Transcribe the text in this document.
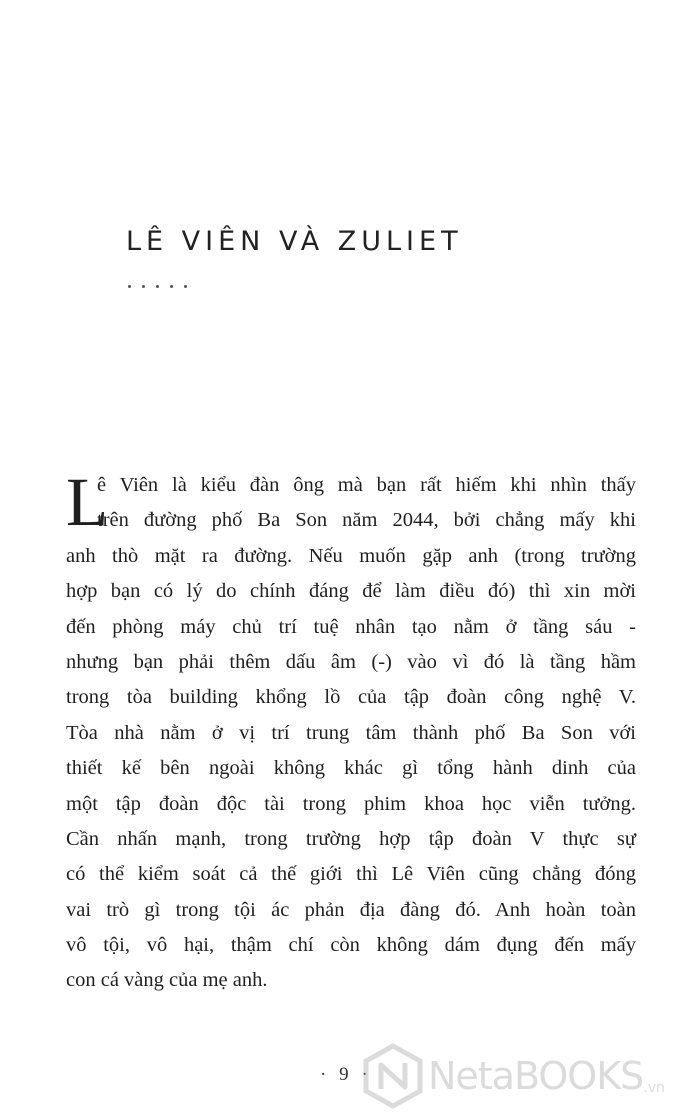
LÊ VIÊN VÀ ZULIET
L
ê Viên là kiểu đàn ông mà bạn rất hiếm khi nhìn thấy
trên đường phố Ba Son năm 2044, bởi chẳng mấy khi
anh thò mặt ra đường. Nếu muốn gặp anh (trong trường
hợp bạn có lý do chính đáng để làm điều đó) thì xin mời
đến phòng máy chủ trí tuệ nhân tạo nằm ở tầng sáu -
nhưng bạn phải thêm dấu âm (-) vào vì đó là tầng hầm
trong tòa building khổng lồ của tập đoàn công nghệ V.
Tòa nhà nằm ở vị trí trung tâm thành phố Ba Son với
thiết kế bên ngoài không khác gì tổng hành dinh của
một tập đoàn độc tài trong phim khoa học viễn tưởng.
Cần nhấn mạnh, trong trường hợp tập đoàn V thực sự
có thể kiểm soát cả thế giới thì Lê Viên cũng chẳng đóng
vai trò gì trong tội ác phản địa đàng đó. Anh hoàn toàn
vô tội, vô hại, thậm chí còn không dám đụng đến mấy
con cá vàng của mẹ anh.
· 9 · NetaBOOKS .vn
